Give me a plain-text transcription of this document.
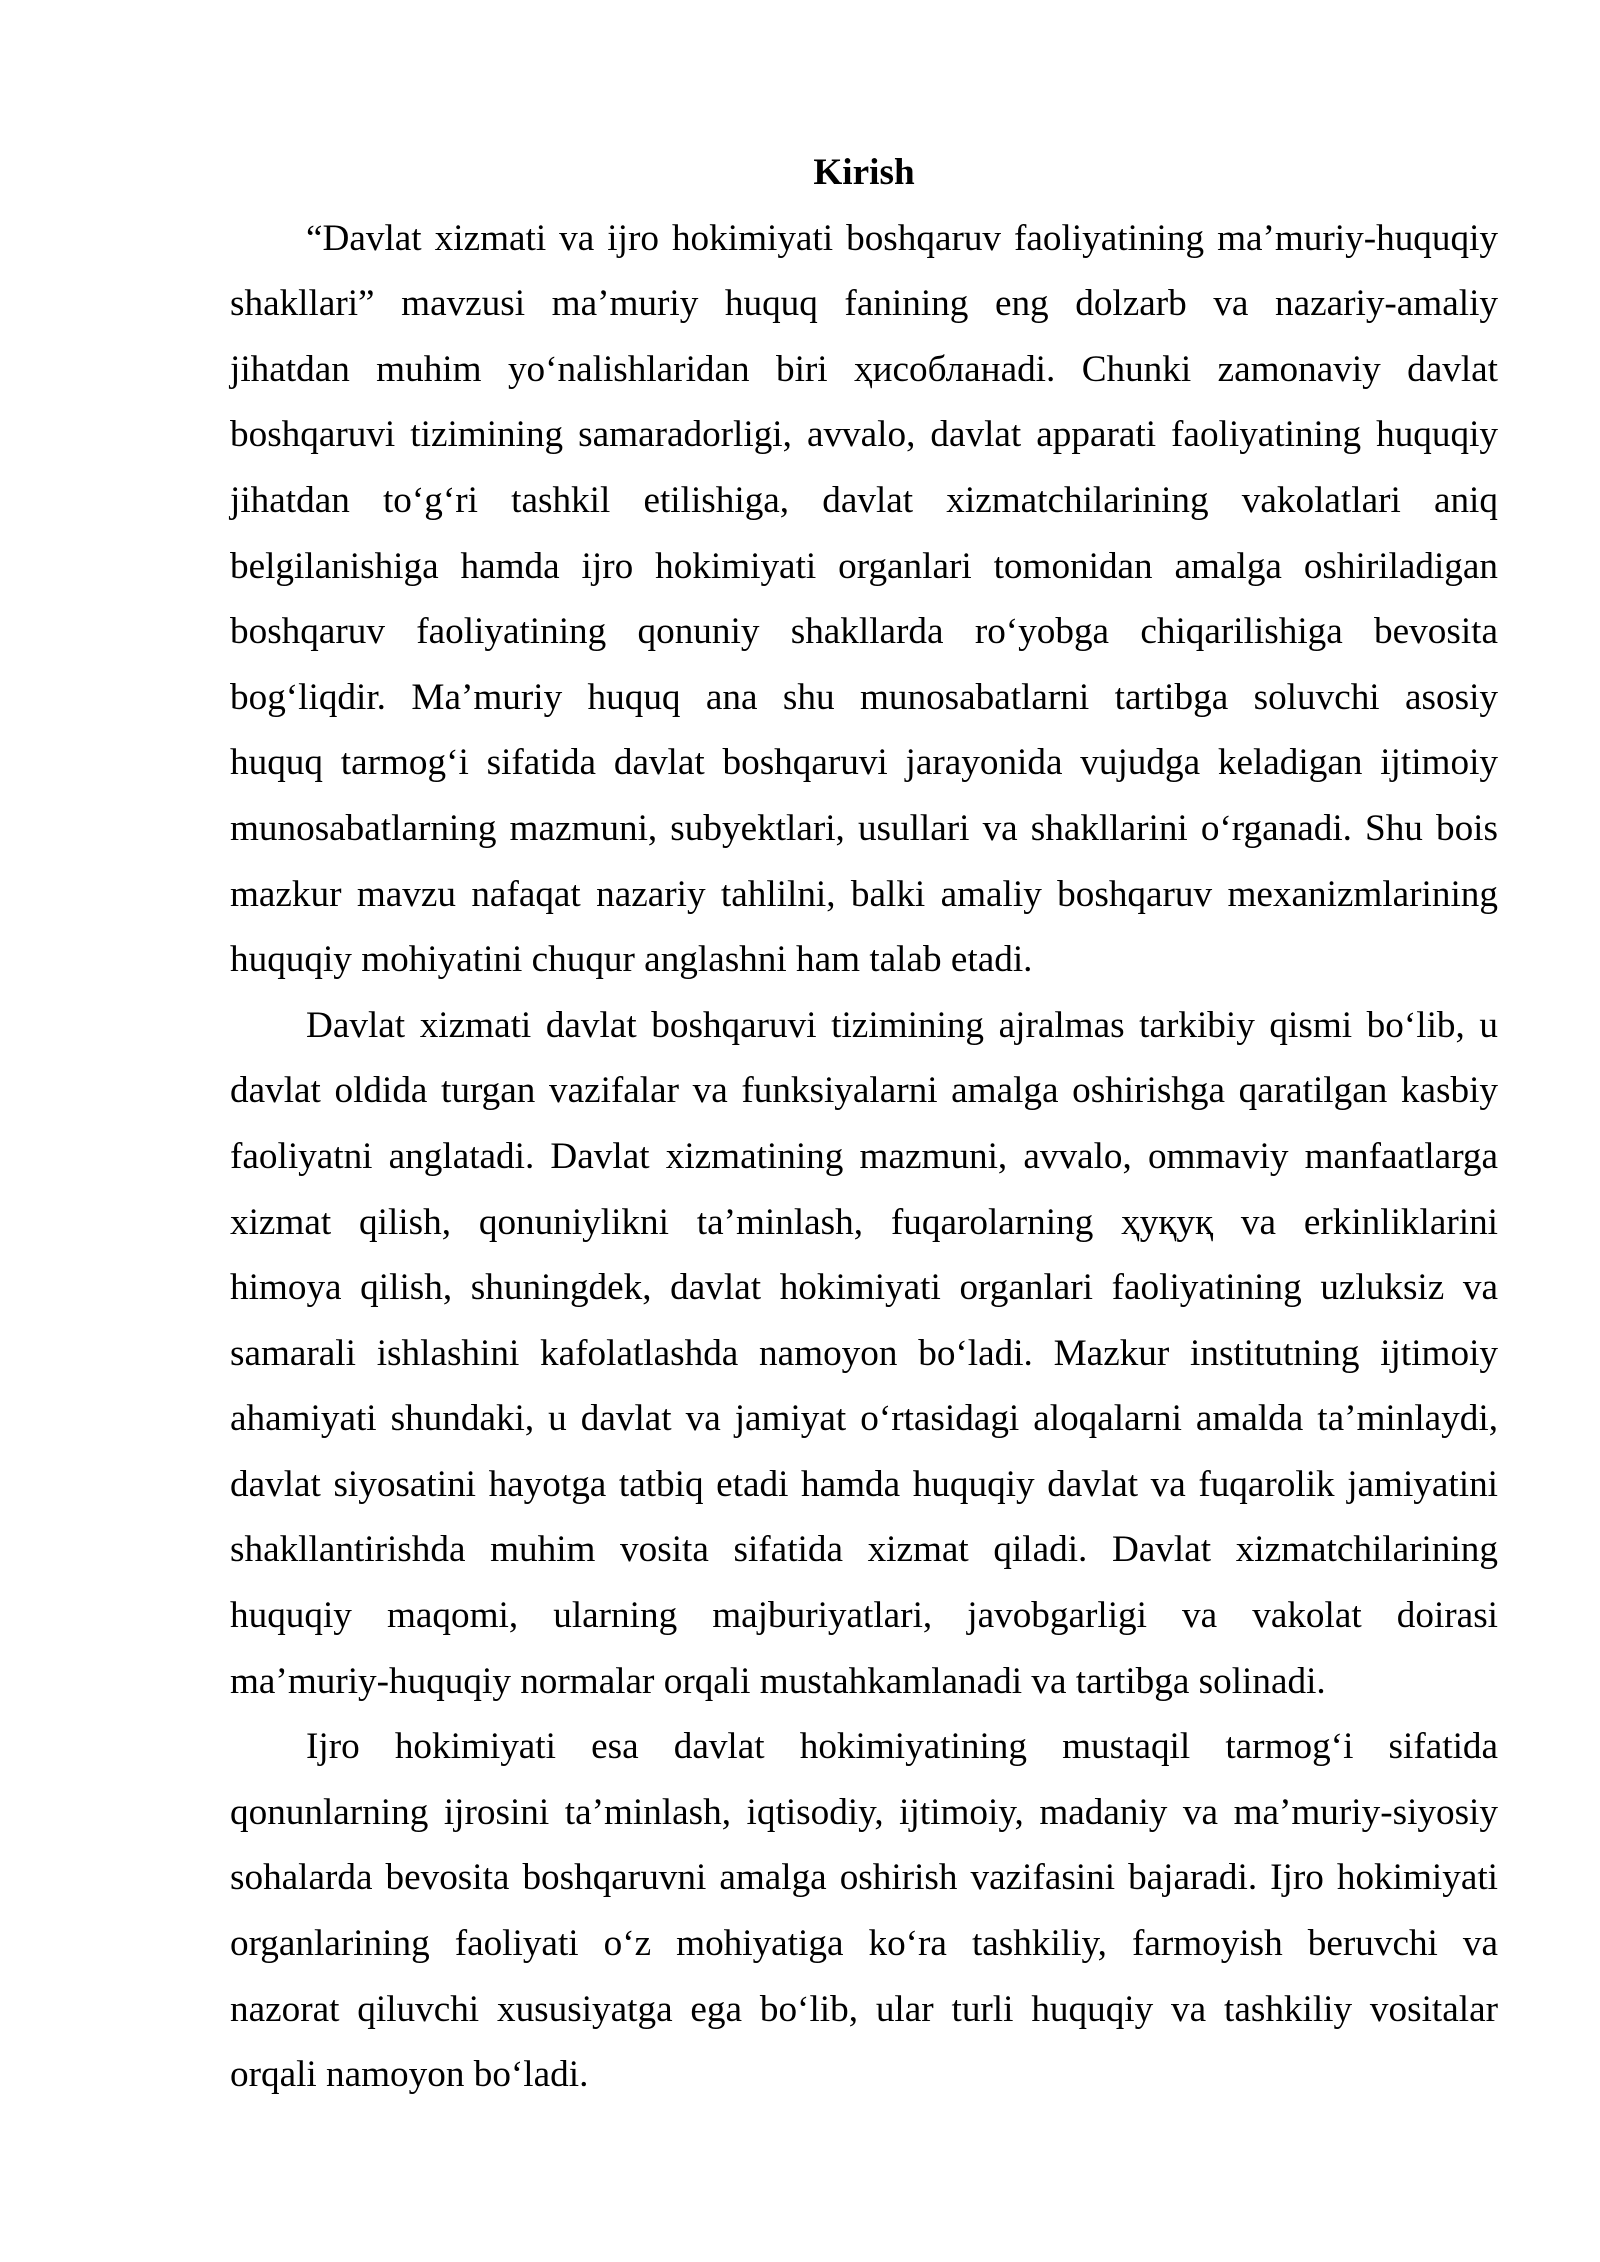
Kirish
“Davlat xizmati va ijro hokimiyati boshqaruv faoliyatining ma’muriy-huquqiy
shakllari” mavzusi ma’muriy huquq fanining eng dolzarb va nazariy-amaliy
jihatdan muhim yo‘nalishlaridan biri ҳисобланadi. Chunki zamonaviy davlat
boshqaruvi tizimining samaradorligi, avvalo, davlat apparati faoliyatining huquqiy
jihatdan to‘g‘ri tashkil etilishiga, davlat xizmatchilarining vakolatlari aniq
belgilanishiga hamda ijro hokimiyati organlari tomonidan amalga oshiriladigan
boshqaruv faoliyatining qonuniy shakllarda ro‘yobga chiqarilishiga bevosita
bog‘liqdir. Ma’muriy huquq ana shu munosabatlarni tartibga soluvchi asosiy
huquq tarmog‘i sifatida davlat boshqaruvi jarayonida vujudga keladigan ijtimoiy
munosabatlarning mazmuni, subyektlari, usullari va shakllarini o‘rganadi. Shu bois
mazkur mavzu nafaqat nazariy tahlilni, balki amaliy boshqaruv mexanizmlarining
huquqiy mohiyatini chuqur anglashni ham talab etadi.
Davlat xizmati davlat boshqaruvi tizimining ajralmas tarkibiy qismi bo‘lib, u
davlat oldida turgan vazifalar va funksiyalarni amalga oshirishga qaratilgan kasbiy
faoliyatni anglatadi. Davlat xizmatining mazmuni, avvalo, ommaviy manfaatlarga
xizmat qilish, qonuniylikni ta’minlash, fuqarolarning ҳуқуқ va erkinliklarini
himoya qilish, shuningdek, davlat hokimiyati organlari faoliyatining uzluksiz va
samarali ishlashini kafolatlashda namoyon bo‘ladi. Mazkur institutning ijtimoiy
ahamiyati shundaki, u davlat va jamiyat o‘rtasidagi aloqalarni amalda ta’minlaydi,
davlat siyosatini hayotga tatbiq etadi hamda huquqiy davlat va fuqarolik jamiyatini
shakllantirishda muhim vosita sifatida xizmat qiladi. Davlat xizmatchilarining
huquqiy maqomi, ularning majburiyatlari, javobgarligi va vakolat doirasi
ma’muriy-huquqiy normalar orqali mustahkamlanadi va tartibga solinadi.
Ijro hokimiyati esa davlat hokimiyatining mustaqil tarmog‘i sifatida
qonunlarning ijrosini ta’minlash, iqtisodiy, ijtimoiy, madaniy va ma’muriy-siyosiy
sohalarda bevosita boshqaruvni amalga oshirish vazifasini bajaradi. Ijro hokimiyati
organlarining faoliyati o‘z mohiyatiga ko‘ra tashkiliy, farmoyish beruvchi va
nazorat qiluvchi xususiyatga ega bo‘lib, ular turli huquqiy va tashkiliy vositalar
orqali namoyon bo‘ladi.
